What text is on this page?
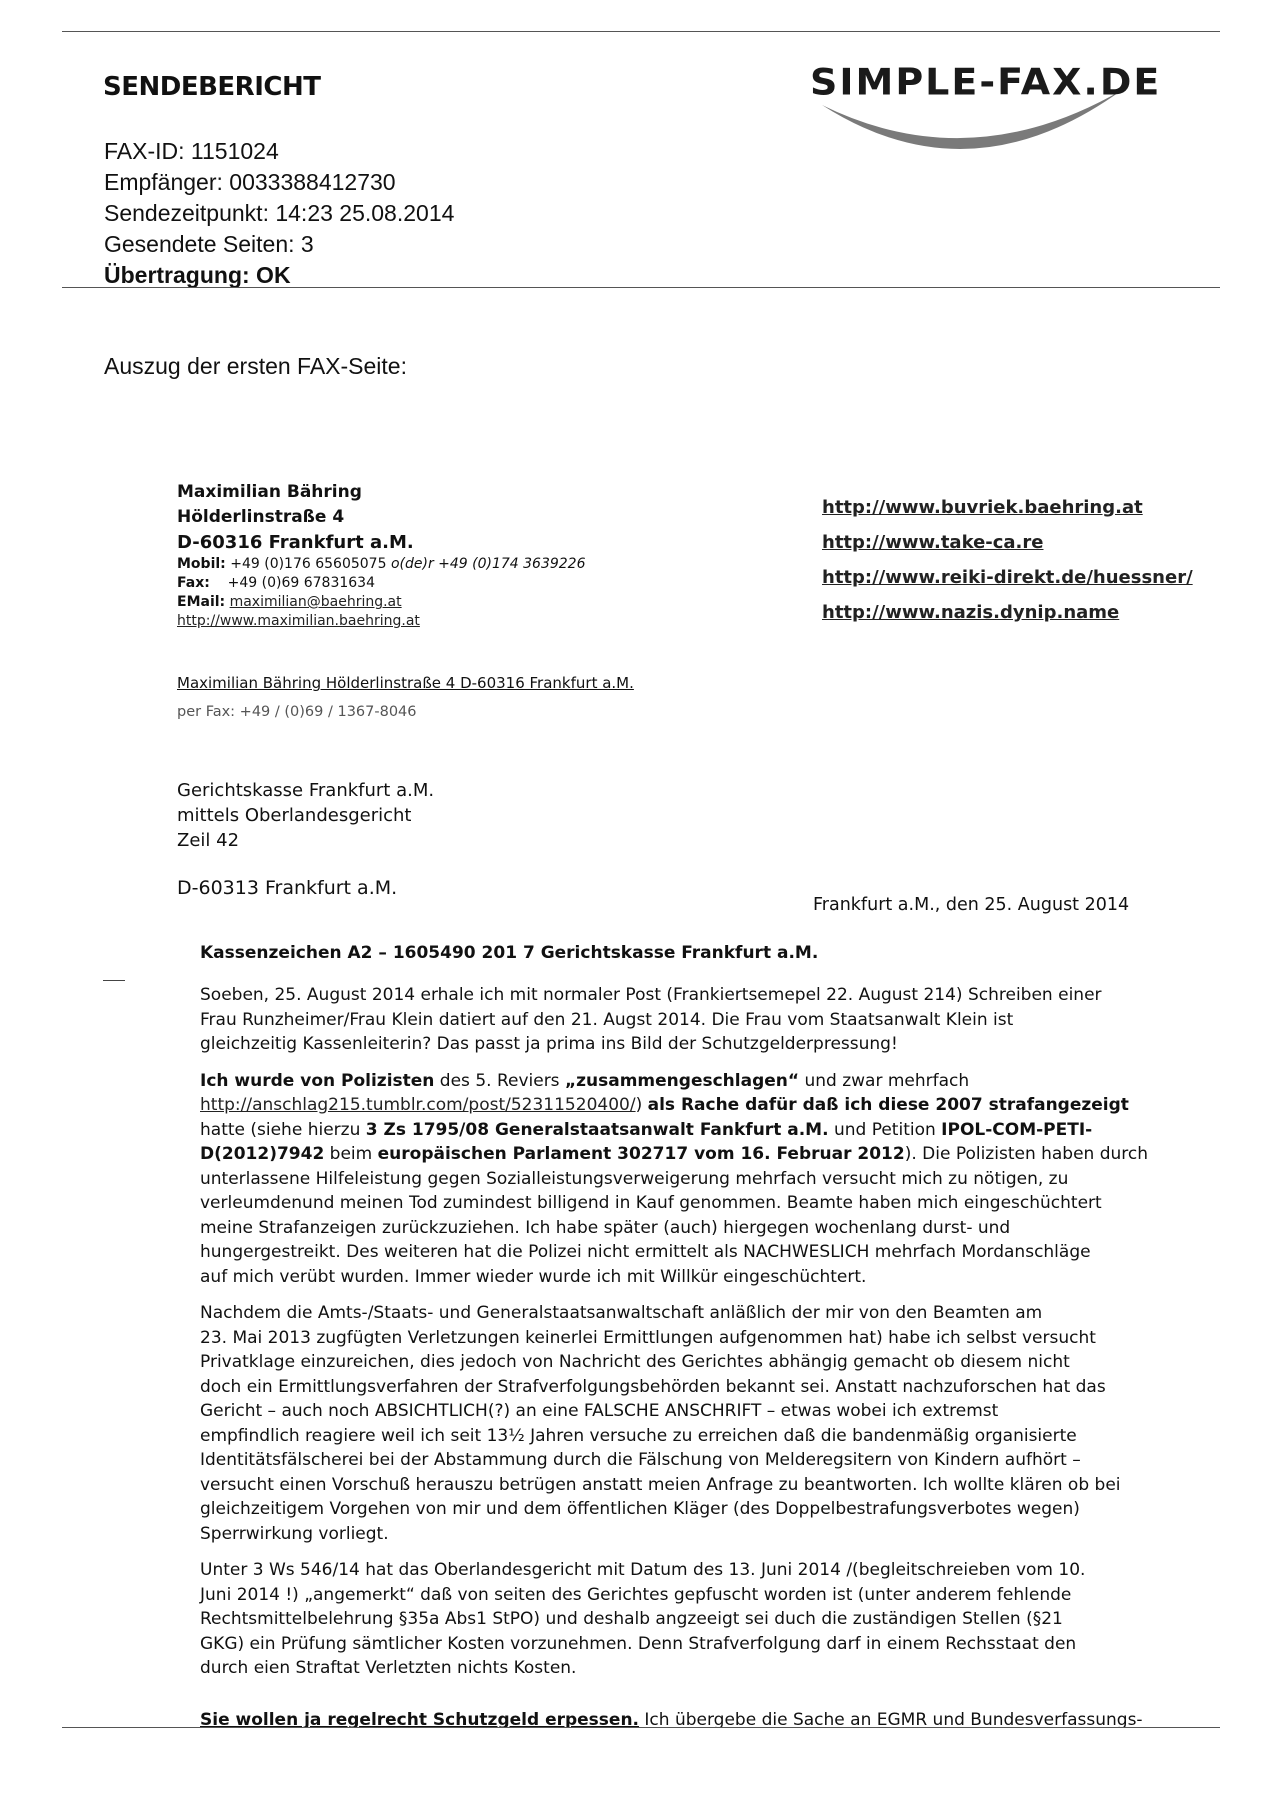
SENDEBERICHT
FAX-ID: 1151024
Empfänger: 0033388412730
Sendezeitpunkt: 14:23 25.08.2014
Gesendete Seiten: 3
Übertragung: OK
SIMPLE-FAX.DE
Auszug der ersten FAX-Seite:
Maximilian Bähring
Hölderlinstraße 4
D-60316 Frankfurt a.M.
Mobil: +49 (0)176 65605075 o(de)r +49 (0)174 3639226
Fax: +49 (0)69 67831634
EMail: maximilian@baehring.at
http://www.maximilian.baehring.at
http://www.buvriek.baehring.at
http://www.take-ca.re
http://www.reiki-direkt.de/huessner/
http://www.nazis.dynip.name
Maximilian Bähring Hölderlinstraße 4 D-60316 Frankfurt a.M.
per Fax: +49 / (0)69 / 1367-8046
Gerichtskasse Frankfurt a.M.
mittels Oberlandesgericht
Zeil 42
D-60313 Frankfurt a.M.
Frankfurt a.M., den 25. August 2014
Kassenzeichen A2 – 1605490 201 7 Gerichtskasse Frankfurt a.M.

Soeben, 25. August 2014 erhale ich mit normaler Post (Frankiertsemepel 22. August 214) Schreiben einer
Frau Runzheimer/Frau Klein datiert auf den 21. Augst 2014. Die Frau vom Staatsanwalt Klein ist
gleichzeitig Kassenleiterin? Das passt ja prima ins Bild der Schutzgelderpressung!

Ich wurde von Polizisten des 5. Reviers „zusammengeschlagen“ und zwar mehrfach
http://anschlag215.tumblr.com/post/52311520400/) als Rache dafür daß ich diese 2007 strafangezeigt
hatte (siehe hierzu 3 Zs 1795/08 Generalstaatsanwalt Fankfurt a.M. und Petition IPOL-COM-PETI-
D(2012)7942 beim europäischen Parlament 302717 vom 16. Februar 2012). Die Polizisten haben durch
unterlassene Hilfeleistung gegen Sozialleistungsverweigerung mehrfach versucht mich zu nötigen, zu
verleumdenund meinen Tod zumindest billigend in Kauf genommen. Beamte haben mich eingeschüchtert
meine Strafanzeigen zurückzuziehen. Ich habe später (auch) hiergegen wochenlang durst- und
hungergestreikt. Des weiteren hat die Polizei nicht ermittelt als NACHWESLICH mehrfach Mordanschläge
auf mich verübt wurden. Immer wieder wurde ich mit Willkür eingeschüchtert.

Nachdem die Amts-/Staats- und Generalstaatsanwaltschaft anläßlich der mir von den Beamten am
23. Mai 2013 zugfügten Verletzungen keinerlei Ermittlungen aufgenommen hat) habe ich selbst versucht
Privatklage einzureichen, dies jedoch von Nachricht des Gerichtes abhängig gemacht ob diesem nicht
doch ein Ermittlungsverfahren der Strafverfolgungsbehörden bekannt sei. Anstatt nachzuforschen hat das
Gericht – auch noch ABSICHTLICH(?) an eine FALSCHE ANSCHRIFT – etwas wobei ich extremst
empfindlich reagiere weil ich seit 13½ Jahren versuche zu erreichen daß die bandenmäßig organisierte
Identitätsfälscherei bei der Abstammung durch die Fälschung von Melderegsitern von Kindern aufhört –
versucht einen Vorschuß herauszu betrügen anstatt meien Anfrage zu beantworten. Ich wollte klären ob bei
gleichzeitigem Vorgehen von mir und dem öffentlichen Kläger (des Doppelbestrafungsverbotes wegen)
Sperrwirkung vorliegt.

Unter 3 Ws 546/14 hat das Oberlandesgericht mit Datum des 13. Juni 2014 /(begleitschreieben vom 10.
Juni 2014 !) „angemerkt“ daß von seiten des Gerichtes gepfuscht worden ist (unter anderem fehlende
Rechtsmittelbelehrung §35a Abs1 StPO) und deshalb angzeeigt sei duch die zuständigen Stellen (§21
GKG) ein Prüfung sämtlicher Kosten vorzunehmen. Denn Strafverfolgung darf in einem Rechsstaat den
durch eien Straftat Verletzten nichts Kosten.

Sie wollen ja regelrecht Schutzgeld erpessen. Ich übergebe die Sache an EGMR und Bundesverfassungs-
